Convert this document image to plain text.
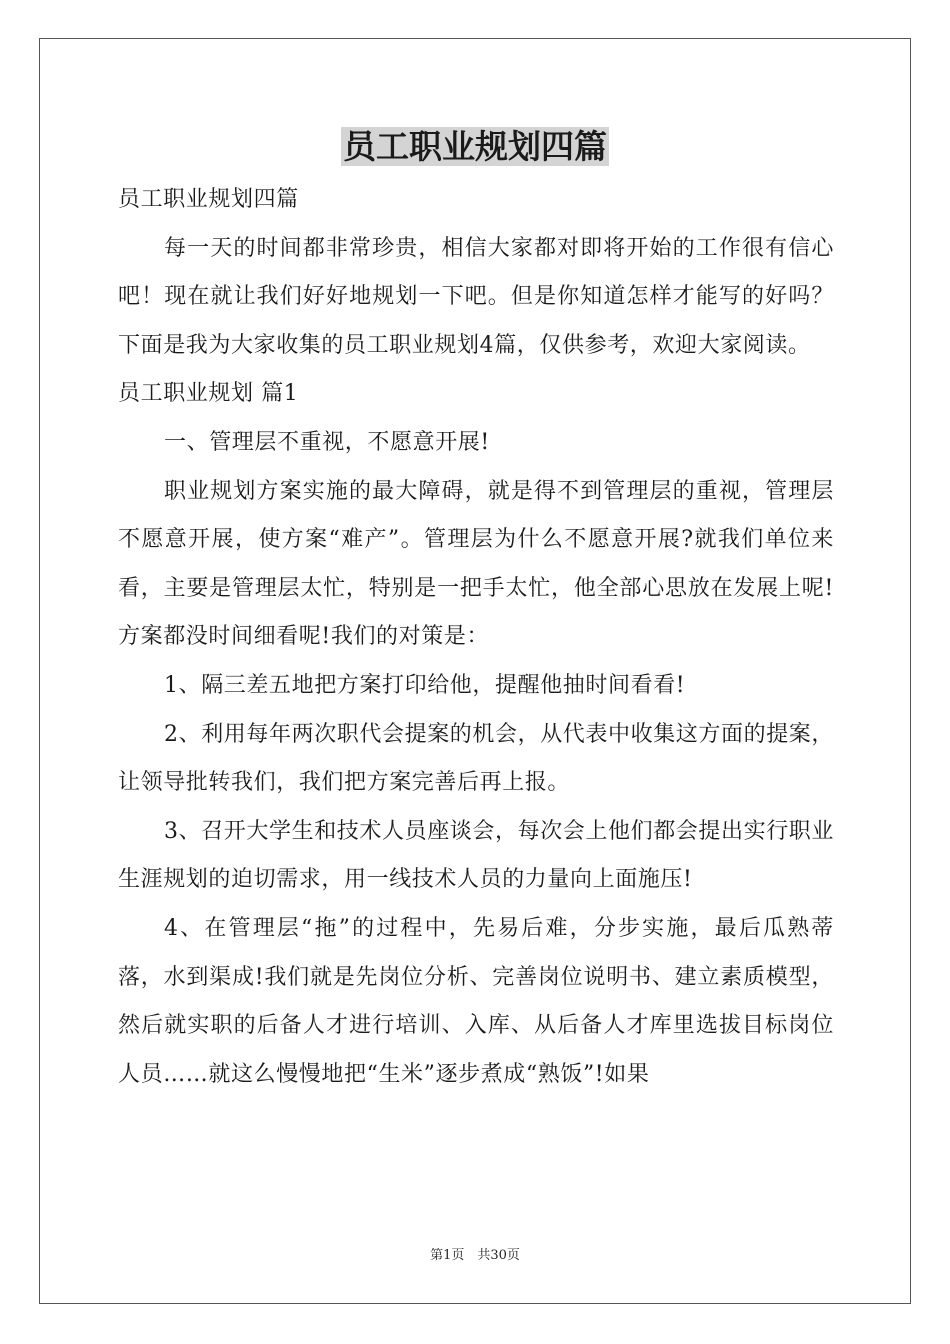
员工职业规划四篇

员工职业规划四篇

每一天的时间都非常珍贵，相信大家都对即将开始的工作很有信心吧！现在就让我们好好地规划一下吧。但是你知道怎样才能写的好吗？下面是我为大家收集的员工职业规划4篇，仅供参考，欢迎大家阅读。

员工职业规划 篇1

一、管理层不重视，不愿意开展!

职业规划方案实施的最大障碍，就是得不到管理层的重视，管理层不愿意开展，使方案“难产”。管理层为什么不愿意开展?就我们单位来看，主要是管理层太忙，特别是一把手太忙，他全部心思放在发展上呢!方案都没时间细看呢!我们的对策是：

1、隔三差五地把方案打印给他，提醒他抽时间看看!

2、利用每年两次职代会提案的机会，从代表中收集这方面的提案，让领导批转我们，我们把方案完善后再上报。

3、召开大学生和技术人员座谈会，每次会上他们都会提出实行职业生涯规划的迫切需求，用一线技术人员的力量向上面施压!

4、在管理层“拖”的过程中，先易后难，分步实施，最后瓜熟蒂落，水到渠成!我们就是先岗位分析、完善岗位说明书、建立素质模型，然后就实职的后备人才进行培训、入库、从后备人才库里选拔目标岗位人员……就这么慢慢地把“生米”逐步煮成“熟饭”!如果

第1页　共30页
